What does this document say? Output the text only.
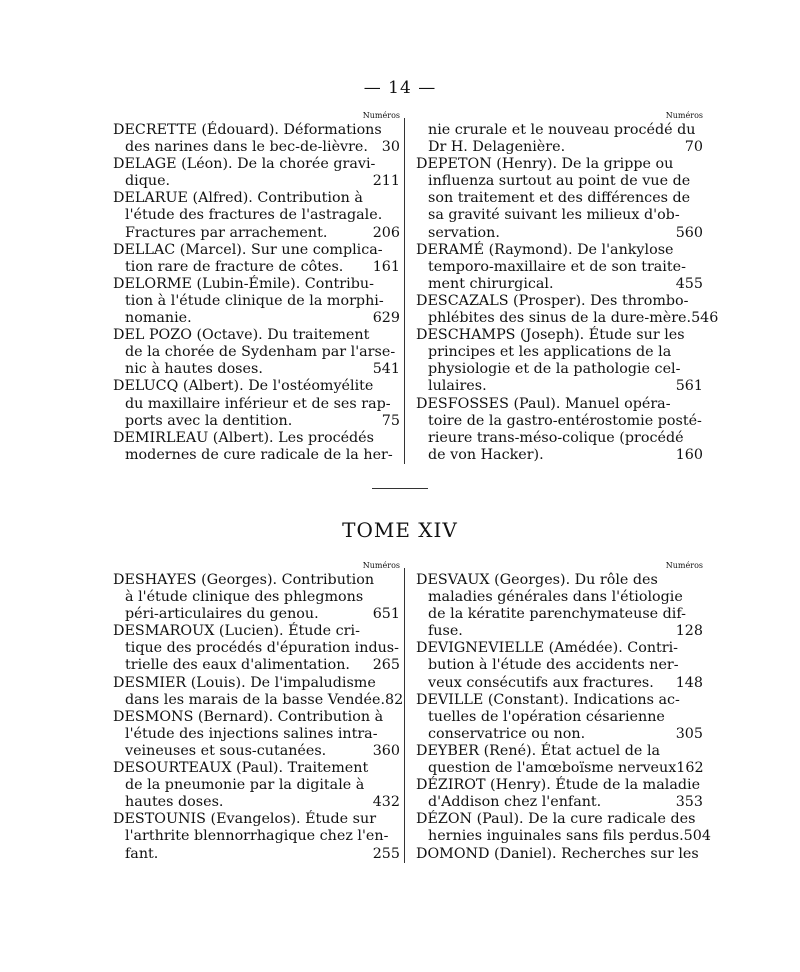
— 14 —
Numéros
DECRETTE (Édouard). Déformations
des narines dans le bec-de-lièvre. 30
DELAGE (Léon). De la chorée gravi-
dique.	211
DELARUE (Alfred). Contribution à
l'étude des fractures de l'astragale.
Fractures par arrachement.	206
DELLAC (Marcel). Sur une complica-
tion rare de fracture de côtes.	161
DELORME (Lubin-Émile). Contribu-
tion à l'étude clinique de la morphi-
nomanie.	629
DEL POZO (Octave). Du traitement
de la chorée de Sydenham par l'arse-
nic à hautes doses.	541
DELUCQ (Albert). De l'ostéomyélite
du maxillaire inférieur et de ses rap-
ports avec la dentition.	75
DEMIRLEAU (Albert). Les procédés
modernes de cure radicale de la her-
Numéros
nie crurale et le nouveau procédé du
Dr H. Delagenière.	70
DEPETON (Henry). De la grippe ou
influenza surtout au point de vue de
son traitement et des différences de
sa gravité suivant les milieux d'ob-
servation.	560
DERAMÉ (Raymond). De l'ankylose
temporo-maxillaire et de son traite-
ment chirurgical.	455
DESCAZALS (Prosper). Des thrombo-
phlébites des sinus de la dure-mère. 546
DESCHAMPS (Joseph). Étude sur les
principes et les applications de la
physiologie et de la pathologie cel-
lulaires.	561
DESFOSSES (Paul). Manuel opéra-
toire de la gastro-entérostomie posté-
rieure trans-méso-colique (procédé
de von Hacker).	160
TOME XIV
Numéros
DESHAYES (Georges). Contribution
à l'étude clinique des phlegmons
péri-articulaires du genou.	651
DESMAROUX (Lucien). Étude cri-
tique des procédés d'épuration indus-
trielle des eaux d'alimentation.	265
DESMIER (Louis). De l'impaludisme
dans les marais de la basse Vendée. 82
DESMONS (Bernard). Contribution à
l'étude des injections salines intra-
veineuses et sous-cutanées.	360
DESOURTEAUX (Paul). Traitement
de la pneumonie par la digitale à
hautes doses.	432
DESTOUNIS (Evangelos). Étude sur
l'arthrite blennorrhagique chez l'en-
fant.	255
Numéros
DESVAUX (Georges). Du rôle des
maladies générales dans l'étiologie
de la kératite parenchymateuse dif-
fuse.	128
DEVIGNEVIELLE (Amédée). Contri-
bution à l'étude des accidents ner-
veux consécutifs aux fractures.	148
DEVILLE (Constant). Indications ac-
tuelles de l'opération césarienne
conservatrice ou non.	305
DEYBER (René). État actuel de la
question de l'amœboïsme nerveux 162
DÉZIROT (Henry). Étude de la maladie
d'Addison chez l'enfant.	353
DÉZON (Paul). De la cure radicale des
hernies inguinales sans fils perdus. 504
DOMOND (Daniel). Recherches sur les
